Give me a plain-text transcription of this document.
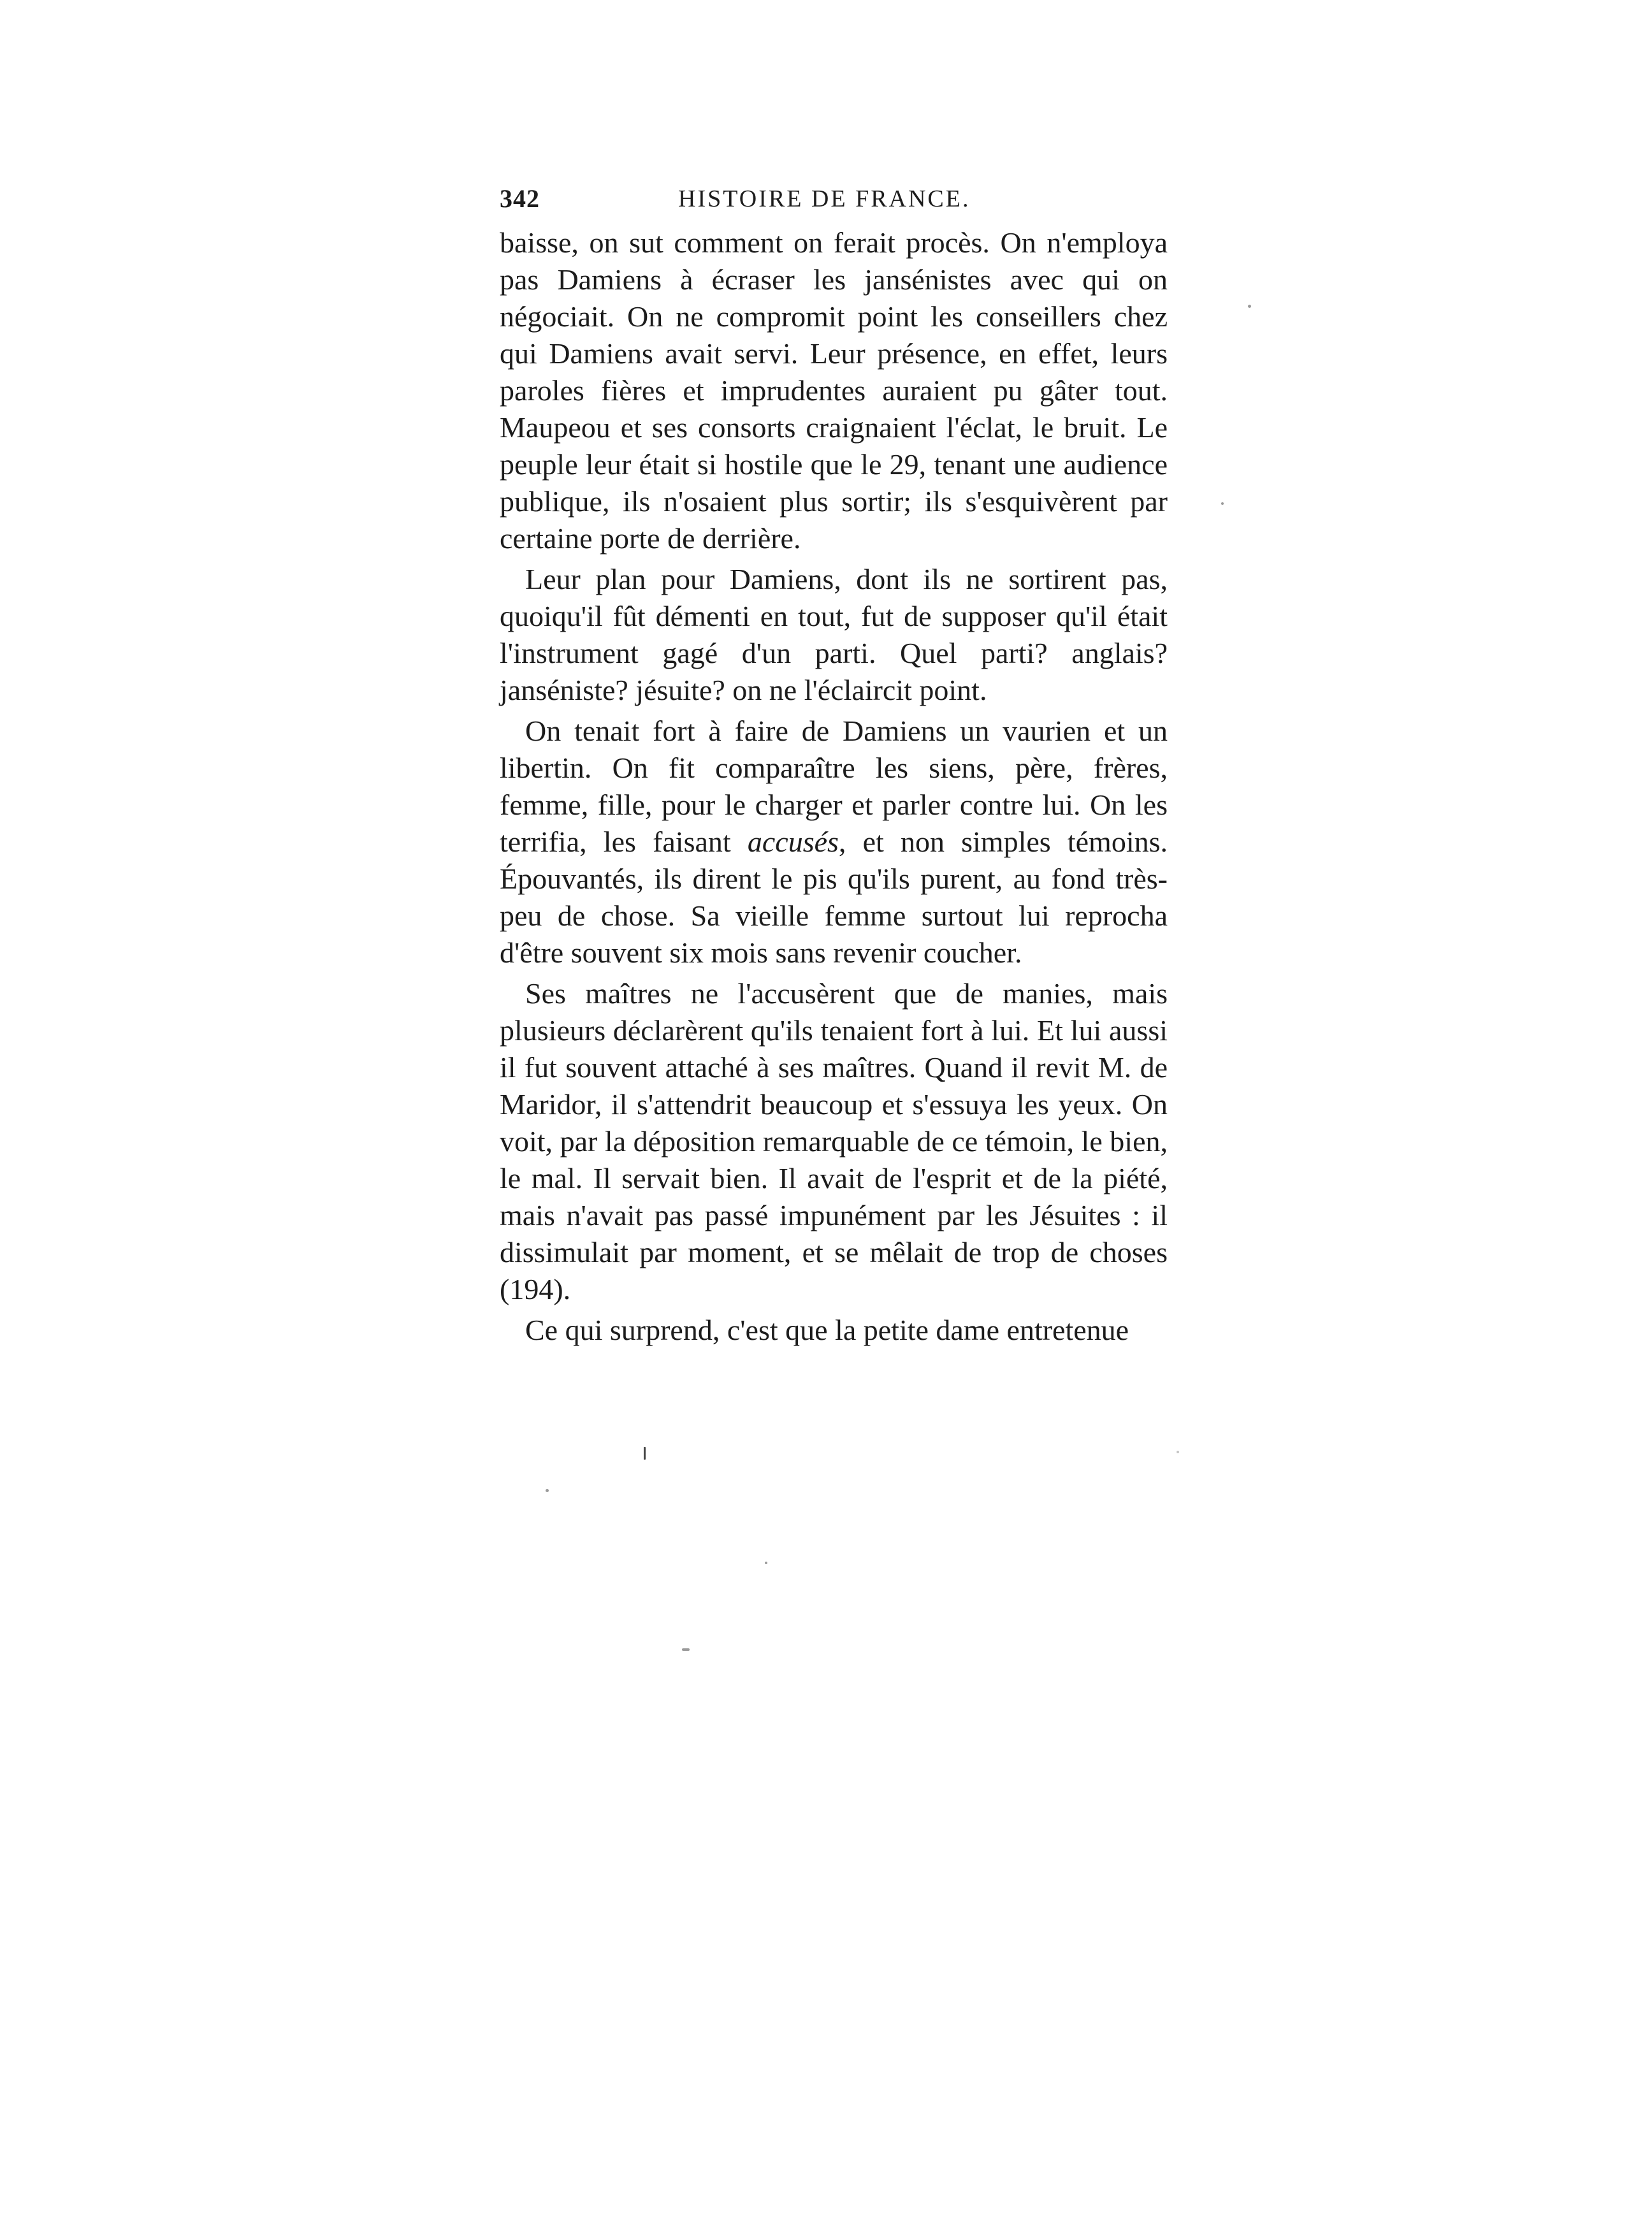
342	HISTOIRE DE FRANCE.

baisse, on sut comment on ferait procès. On n'employa pas Damiens à écraser les jansénistes avec qui on négociait. On ne compromit point les conseillers chez qui Damiens avait servi. Leur présence, en effet, leurs paroles fières et imprudentes auraient pu gâter tout. Maupeou et ses consorts craignaient l'éclat, le bruit. Le peuple leur était si hostile que le 29, tenant une audience publique, ils n'osaient plus sortir; ils s'esquivèrent par certaine porte de derrière.

Leur plan pour Damiens, dont ils ne sortirent pas, quoiqu'il fût démenti en tout, fut de supposer qu'il était l'instrument gagé d'un parti. Quel parti? anglais? janséniste? jésuite? on ne l'éclaircit point.

On tenait fort à faire de Damiens un vaurien et un libertin. On fit comparaître les siens, père, frères, femme, fille, pour le charger et parler contre lui. On les terrifia, les faisant accusés, et non simples témoins. Épouvantés, ils dirent le pis qu'ils purent, au fond très-peu de chose. Sa vieille femme surtout lui reprocha d'être souvent six mois sans revenir coucher.

Ses maîtres ne l'accusèrent que de manies, mais plusieurs déclarèrent qu'ils tenaient fort à lui. Et lui aussi il fut souvent attaché à ses maîtres. Quand il revit M. de Maridor, il s'attendrit beaucoup et s'essuya les yeux. On voit, par la déposition remarquable de ce témoin, le bien, le mal. Il servait bien. Il avait de l'esprit et de la piété, mais n'avait pas passé impunément par les Jésuites : il dissimulait par moment, et se mêlait de trop de choses (194).

Ce qui surprend, c'est que la petite dame entretenue
